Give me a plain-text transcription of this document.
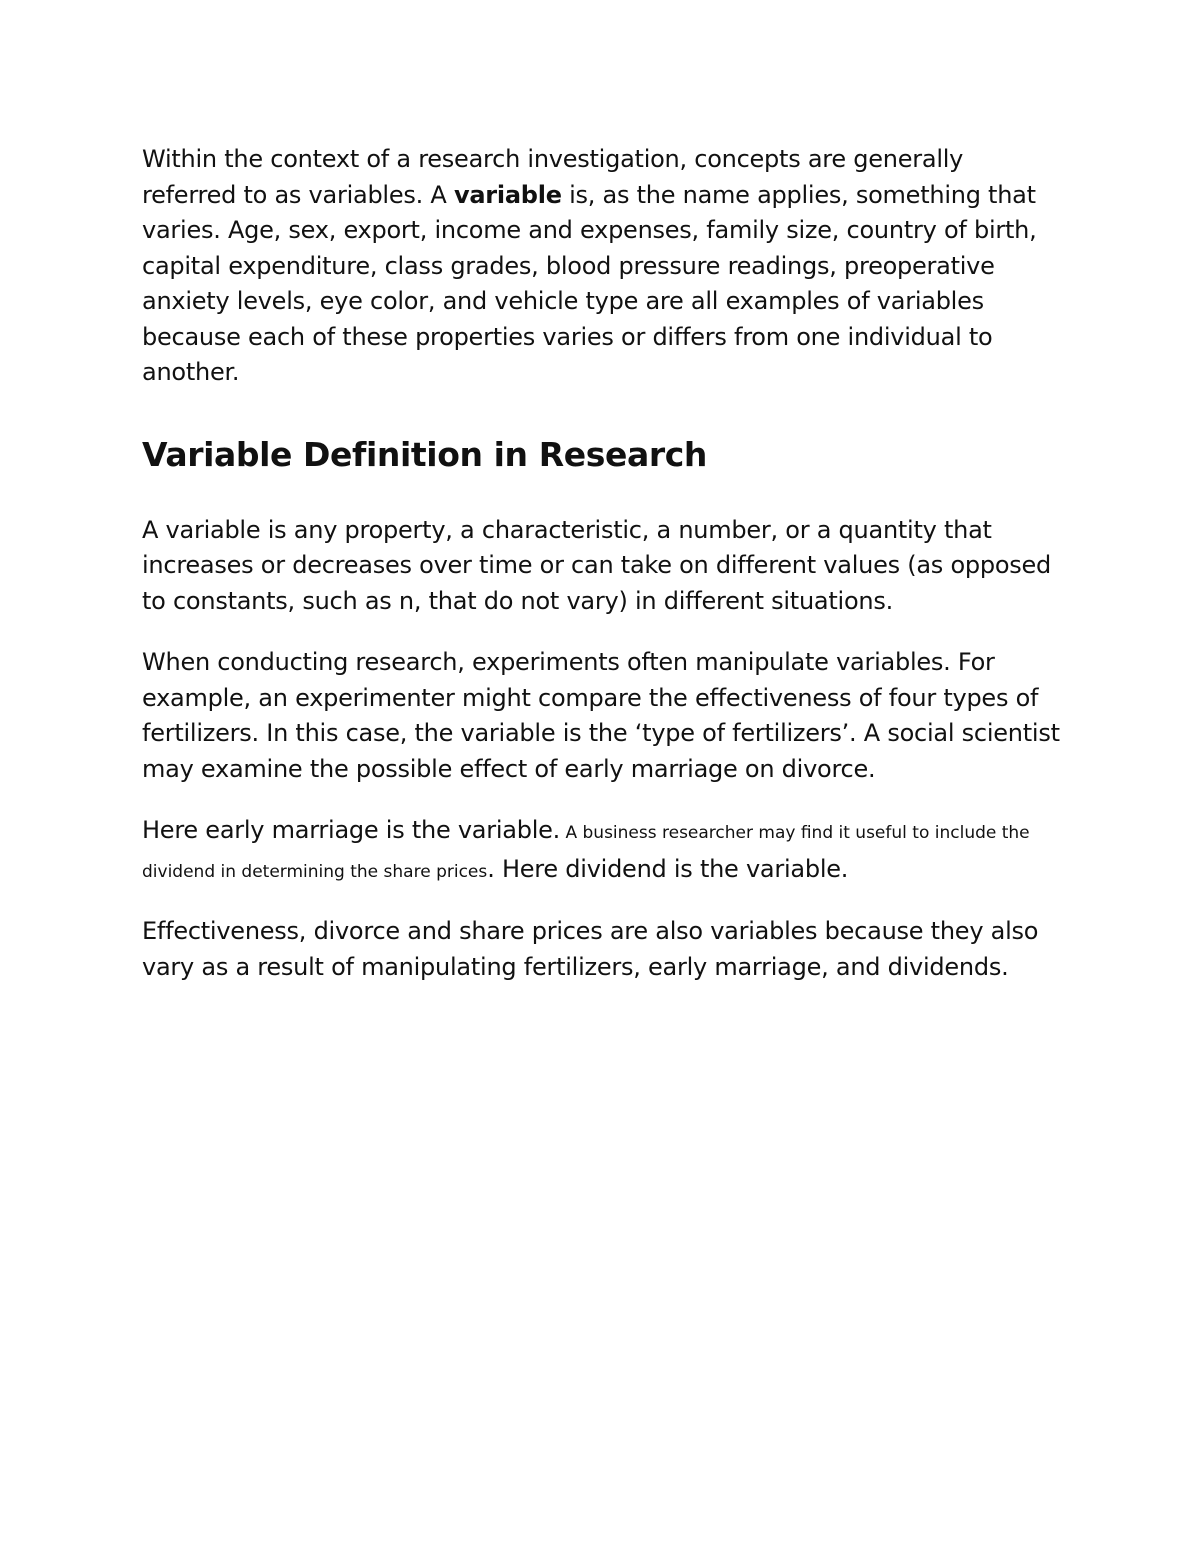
Within the context of a research investigation, concepts are generally referred to as variables. A variable is, as the name applies, something that varies. Age, sex, export, income and expenses, family size, country of birth, capital expenditure, class grades, blood pressure readings, preoperative anxiety levels, eye color, and vehicle type are all examples of variables because each of these properties varies or differs from one individual to another.

Variable Definition in Research

A variable is any property, a characteristic, a number, or a quantity that increases or decreases over time or can take on different values (as opposed to constants, such as n, that do not vary) in different situations.

When conducting research, experiments often manipulate variables. For example, an experimenter might compare the effectiveness of four types of fertilizers. In this case, the variable is the ‘type of fertilizers’. A social scientist may examine the possible effect of early marriage on divorce.

Here early marriage is the variable. A business researcher may find it useful to include the dividend in determining the share prices. Here dividend is the variable.

Effectiveness, divorce and share prices are also variables because they also vary as a result of manipulating fertilizers, early marriage, and dividends.
